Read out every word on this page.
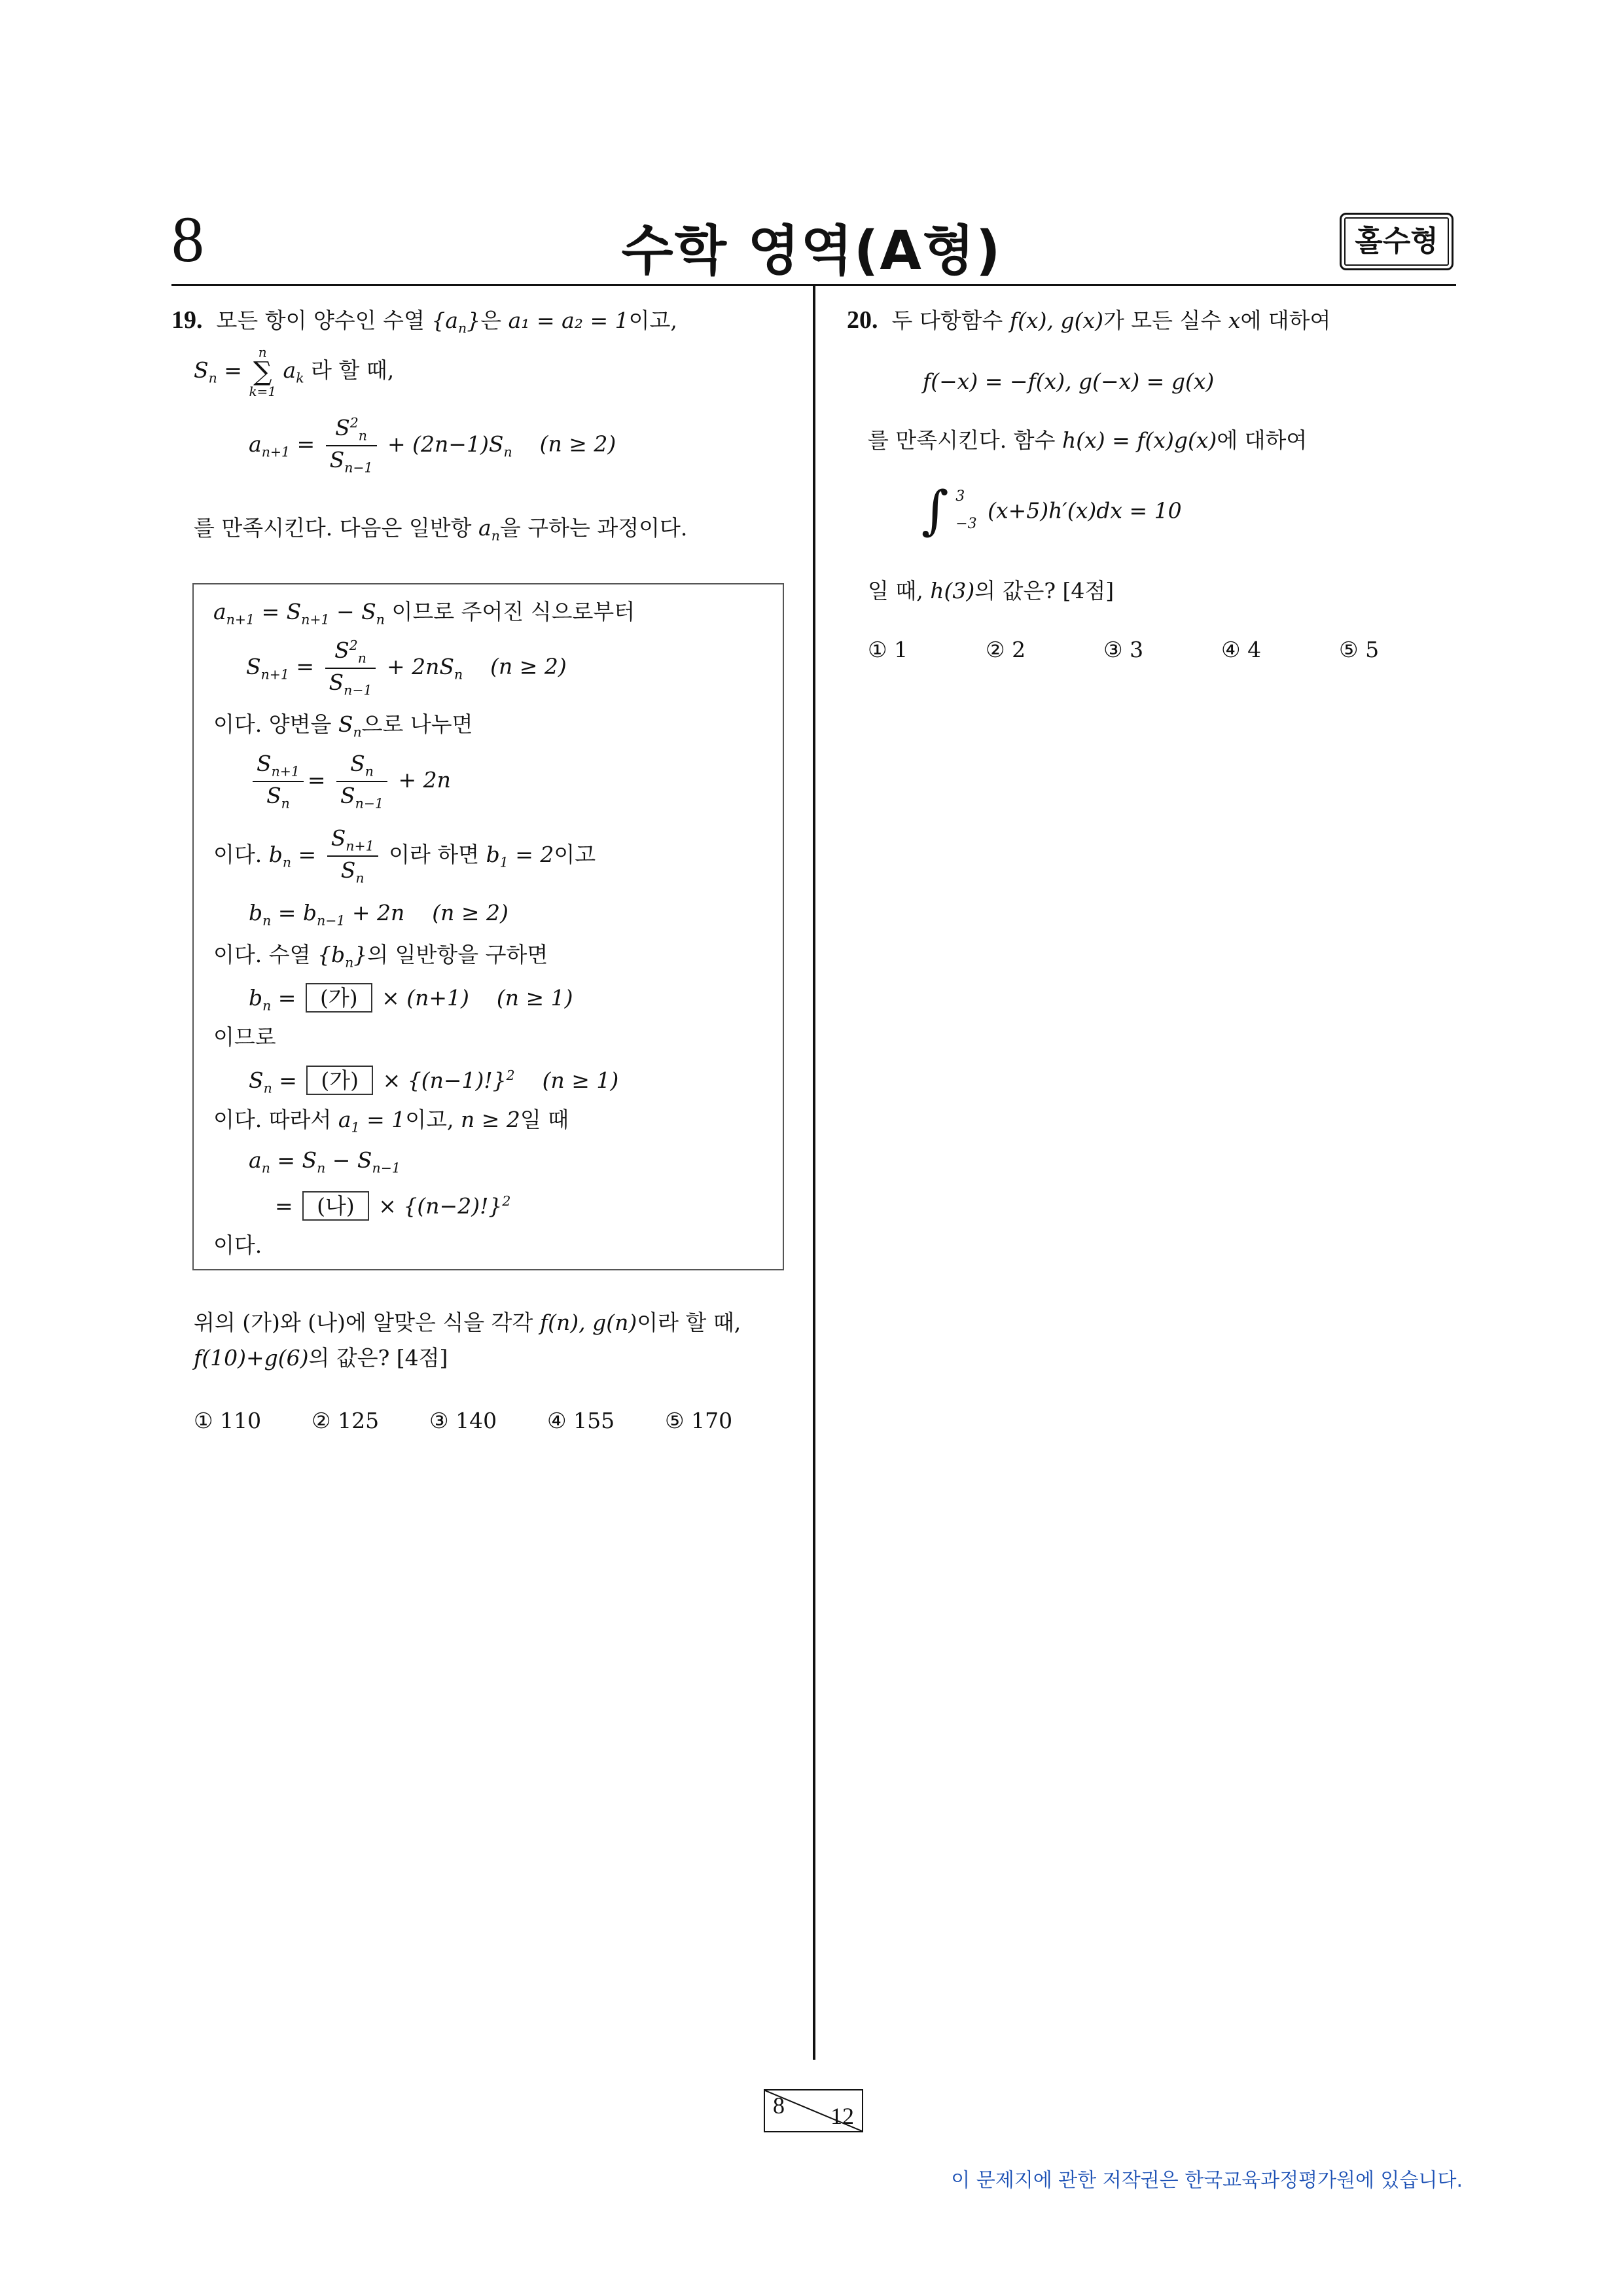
8	수학 영역(A형)	홀수형
19. 모든 항이 양수인 수열 $\{a_n\}$은 a₁ = a₂ = 1이고,
$S_n$ =
n
∑
k=1
$a_k$ 라 할 때,
$a_{n+1} = \frac{S^2_n}{S_{n-1}} + (2n-1)S_n$ (n ≥ 2)
를 만족시킨다. 다음은 일반항 $a_n$을 구하는 과정이다.
$a_{n+1} = S_{n+1} - S_n$ 이므로 주어진 식으로부터
$S_{n+1} = \frac{S^2_n}{S_{n-1}} + 2nS_n$ (n ≥ 2)
이다. 양변을 $S_n$으로 나누면
$\frac{S_{n+1}}{S_n} = \frac{S_n}{S_{n-1}} + 2n$
이다. $b_n = \frac{S_{n+1}}{S_n}$ 이라 하면 $b_1 = 2$이고
$b_n = b_{n-1} + 2n$ (n ≥ 2)
이다. 수열 $\{b_n\}$의 일반항을 구하면
$b_n$ = (가) × (n+1) (n ≥ 1)
이므로
$S_n$ = (가) × $\{(n-1)!\}^2$ (n ≥ 1)
이다. 따라서 $a_1 = 1$이고, n ≥ 2일 때
$a_n = S_n - S_{n-1}$
= (나) × $\{(n-2)!\}^2$
이다.
위의 (가)와 (나)에 알맞은 식을 각각 f(n), g(n)이라 할 때,
f(10)+g(6)의 값은? [4점]
① 110 ② 125 ③ 140 ④ 155 ⑤ 170
20. 두 다항함수 f(x), g(x)가 모든 실수 x에 대하여
f(−x) = −f(x), g(−x) = g(x)
를 만족시킨다. 함수 h(x) = f(x)g(x)에 대하여
∫ 3
−3
(x+5)h′(x)dx = 10
일 때, h(3)의 값은? [4점]
① 1	② 2	③ 3	④ 4	⑤ 5
8 12
이 문제지에 관한 저작권은 한국교육과정평가원에 있습니다.
